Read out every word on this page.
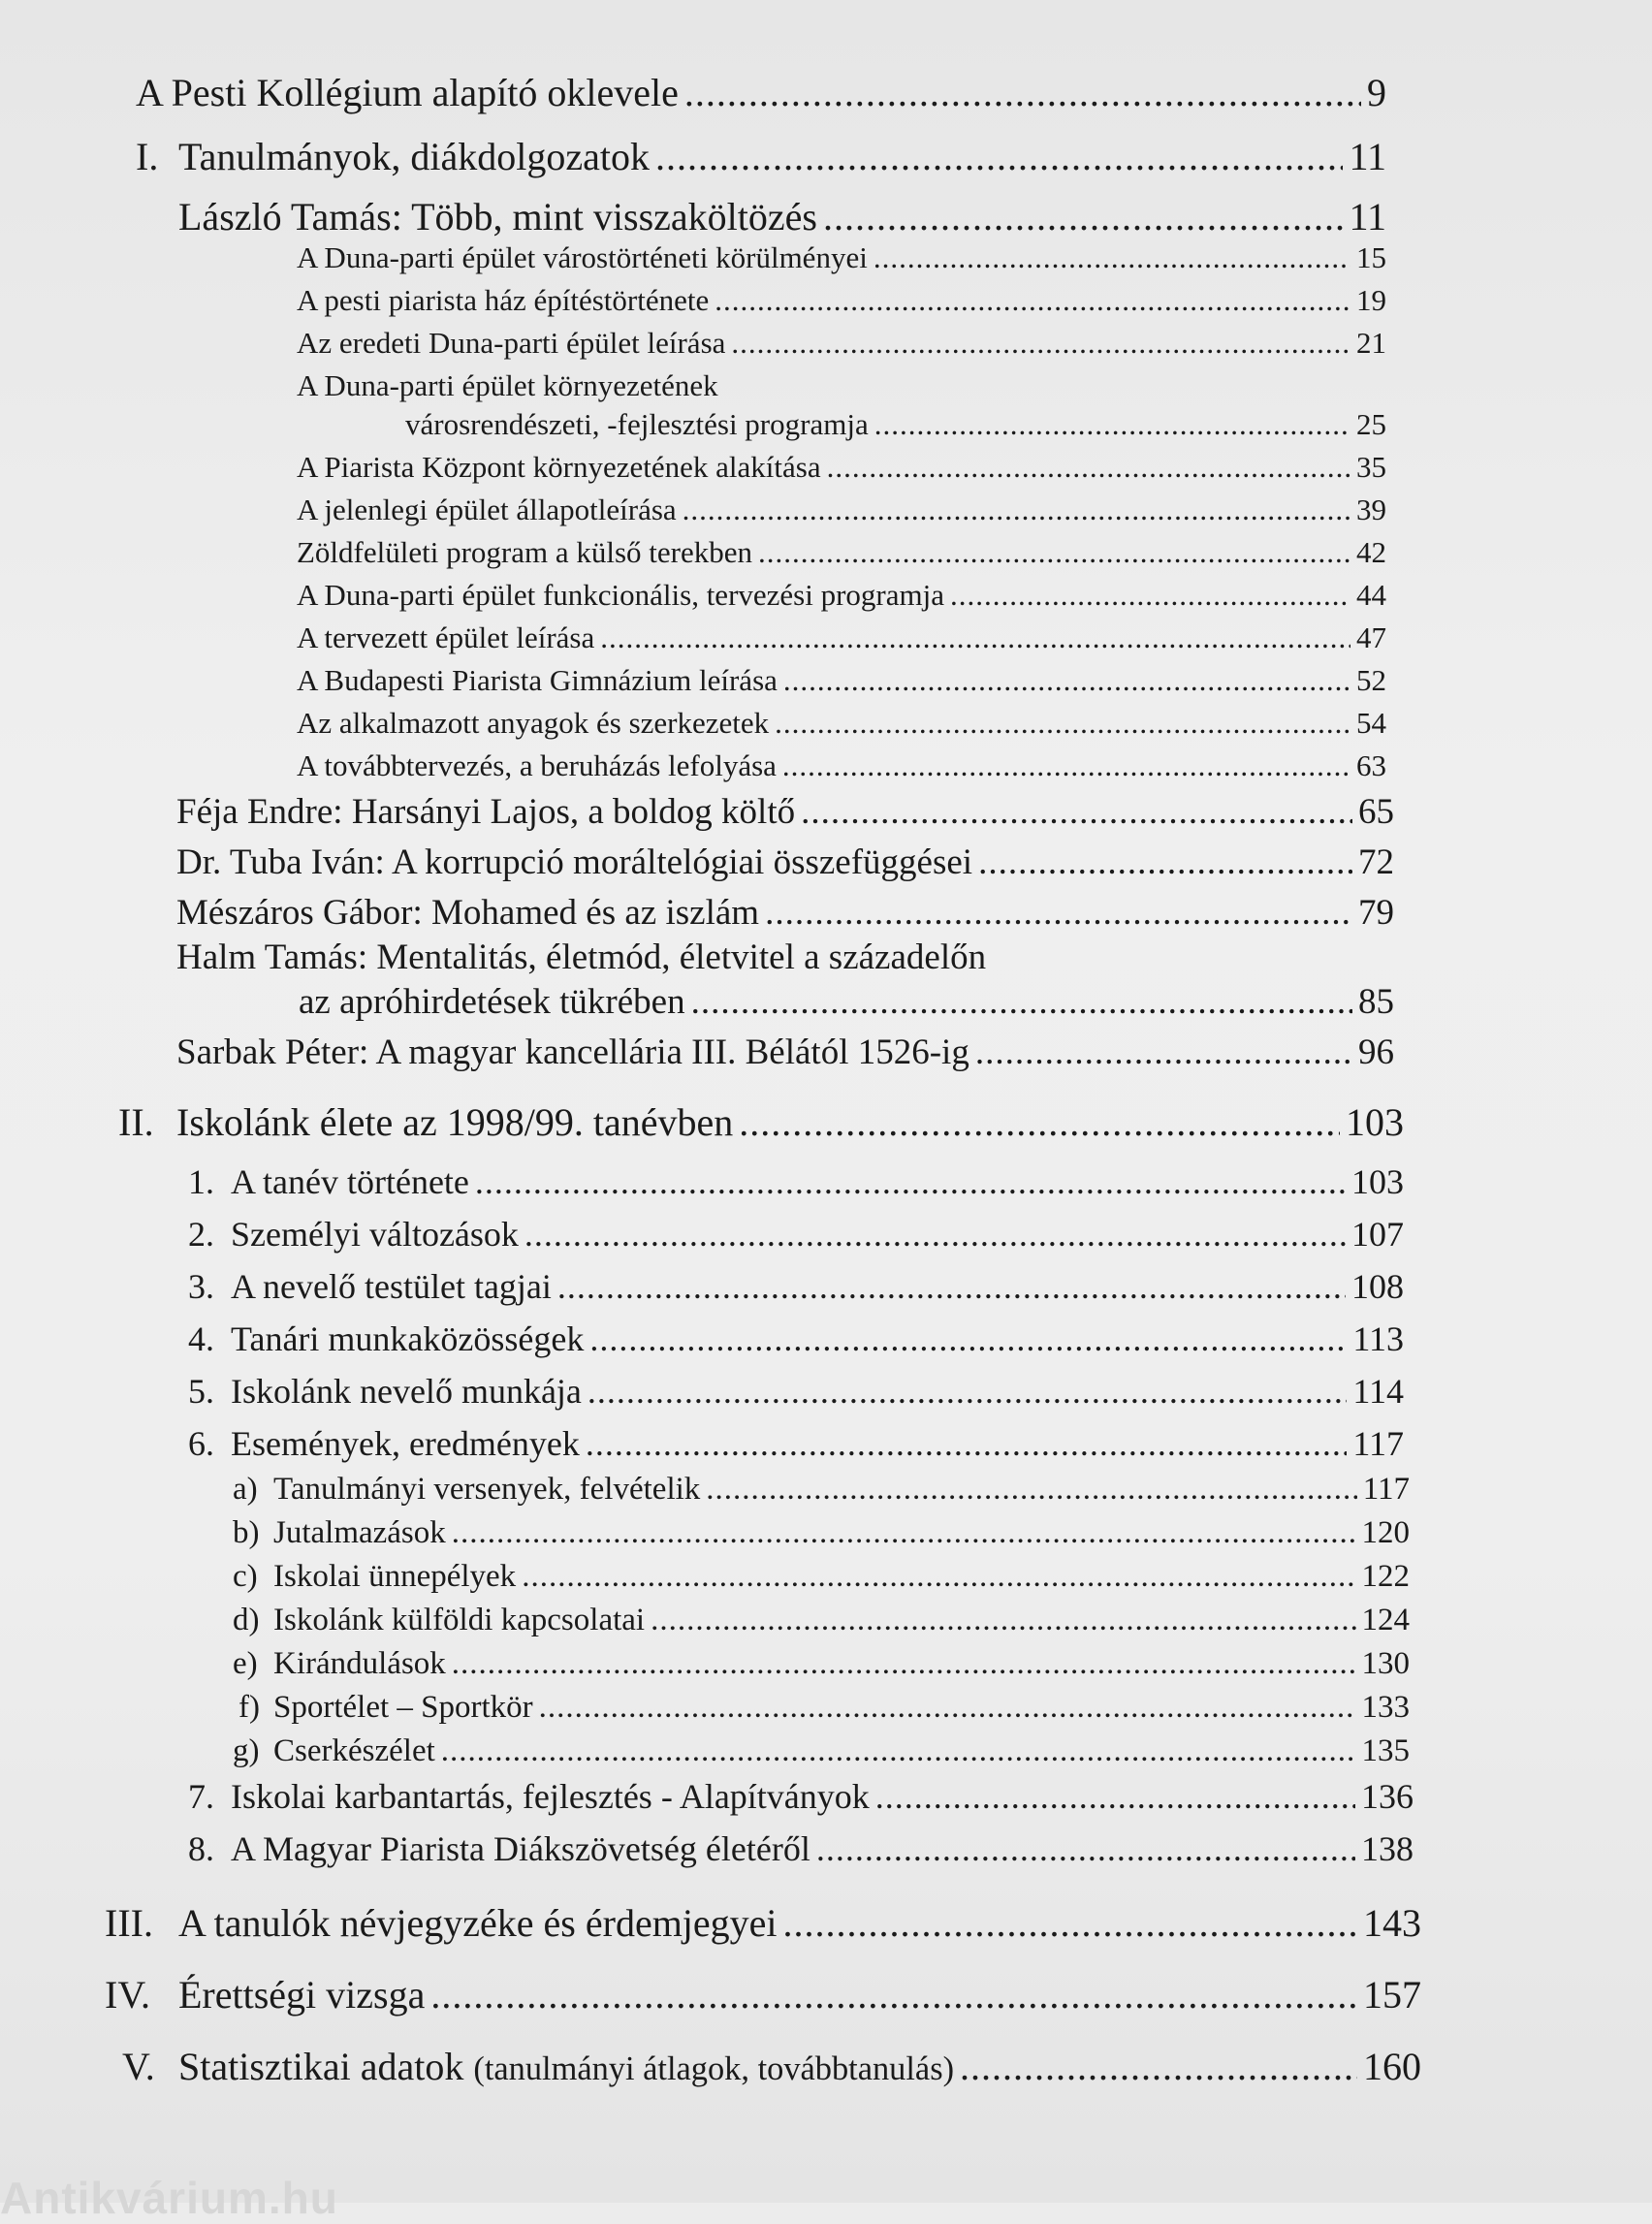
A Pesti Kollégium alapító oklevele .....	9
I. Tanulmányok, diákdolgozatok .....	11
László Tamás: Több, mint visszaköltözés .....	11
A Duna-parti épület várostörténeti körülményei .....	15
A pesti piarista ház építéstörténete .....	19
Az eredeti Duna-parti épület leírása .....	21
A Duna-parti épület környezetének
városrendészeti, -fejlesztési programja .....	25
A Piarista Központ környezetének alakítása .....	35
A jelenlegi épület állapotleírása .....	39
Zöldfelületi program a külső terekben .....	42
A Duna-parti épület funkcionális, tervezési programja .....	44
A tervezett épület leírása .....	47
A Budapesti Piarista Gimnázium leírása .....	52
Az alkalmazott anyagok és szerkezetek .....	54
A továbbtervezés, a beruházás lefolyása .....	63
Féja Endre: Harsányi Lajos, a boldog költő .....	65
Dr. Tuba Iván: A korrupció moráltelógiai összefüggései .....	72
Mészáros Gábor: Mohamed és az iszlám .....	79
Halm Tamás: Mentalitás, életmód, életvitel a századelőn
az apróhirdetések tükrében .....	85
Sarbak Péter: A magyar kancellária III. Bélától 1526-ig .....	96
II. Iskolánk élete az 1998/99. tanévben .....	103
1. A tanév története .....	103
2. Személyi változások .....	107
3. A nevelő testület tagjai .....	108
4. Tanári munkaközösségek .....	113
5. Iskolánk nevelő munkája .....	114
6. Események, eredmények .....	117
a) Tanulmányi versenyek, felvételik .....	117
b) Jutalmazások .....	120
c) Iskolai ünnepélyek .....	122
d) Iskolánk külföldi kapcsolatai .....	124
e) Kirándulások .....	130
f) Sportélet – Sportkör .....	133
g) Cserkészélet .....	135
7. Iskolai karbantartás, fejlesztés - Alapítványok .....	136
8. A Magyar Piarista Diákszövetség életéről .....	138
III. A tanulók névjegyzéke és érdemjegyei .....	143
IV. Érettségi vizsga .....	157
V. Statisztikai adatok (tanulmányi átlagok, továbbtanulás) .....	160
Antikvárium.hu
